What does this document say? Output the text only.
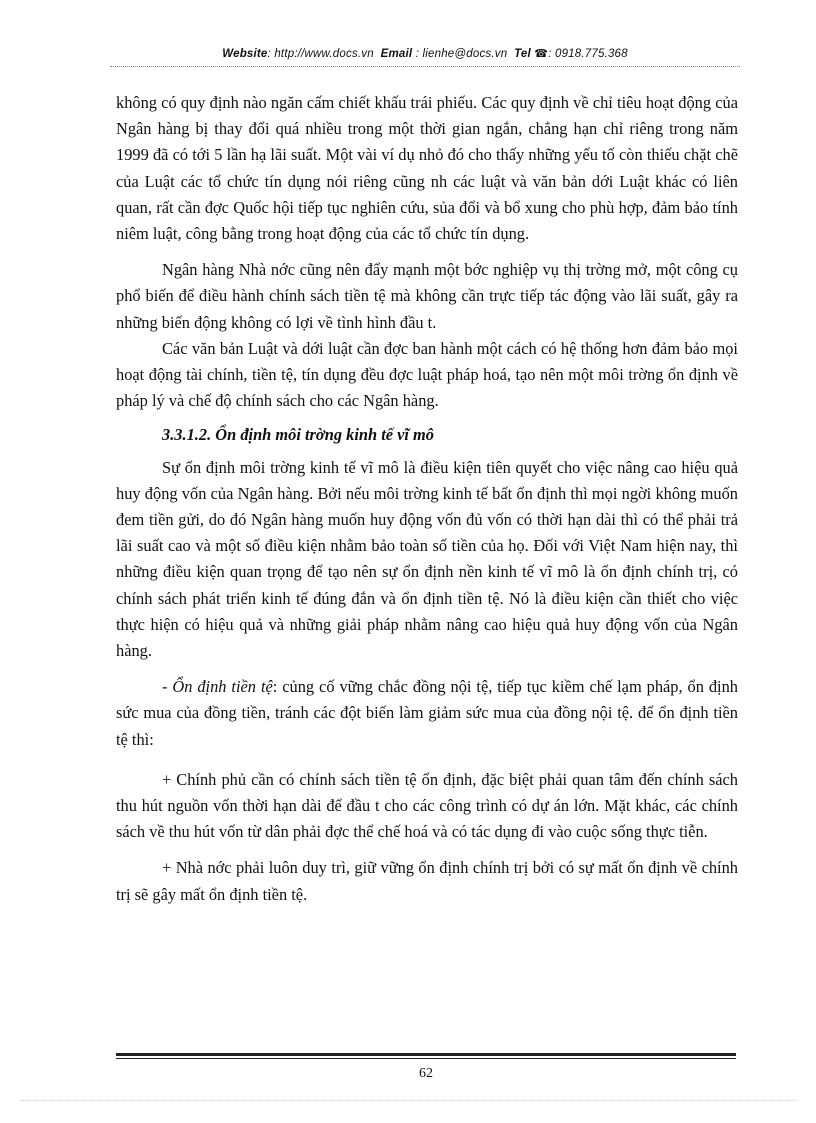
Website: http://www.docs.vn Email : lienhe@docs.vn Tel ☎: 0918.775.368

không có quy định nào ngăn cấm chiết khấu trái phiếu. Các quy định về chỉ tiêu hoạt động của Ngân hàng bị thay đổi quá nhiều trong một thời gian ngắn, chẳng hạn chỉ riêng trong năm 1999 đã có tới 5 lần hạ lãi suất. Một vài ví dụ nhỏ đó cho thấy những yếu tố còn thiếu chặt chẽ của Luật các tổ chức tín dụng nói riêng cũng nh các luật và văn bản dới Luật khác có liên quan, rất cần đợc Quốc hội tiếp tục nghiên cứu, sủa đổi và bổ xung cho phù hợp, đảm bảo tính niêm luật, công bằng trong hoạt động của các tổ chức tín dụng.

Ngân hàng Nhà nớc cũng nên đẩy mạnh một bớc nghiệp vụ thị trờng mở, một công cụ phổ biến để điều hành chính sách tiền tệ mà không cần trực tiếp tác động vào lãi suất, gây ra những biến động không có lợi về tình hình đầu t.

Các văn bản Luật và dới luật cần đợc ban hành một cách có hệ thống hơn đảm bảo mọi hoạt động tài chính, tiền tệ, tín dụng đều đợc luật pháp hoá, tạo nên một môi trờng ổn định về pháp lý và chế độ chính sách cho các Ngân hàng.

3.3.1.2. Ổn định môi trờng kinh tế vĩ mô

Sự ổn định môi trờng kinh tế vĩ mô là điều kiện tiên quyết cho việc nâng cao hiệu quả huy động vốn của Ngân hàng. Bởi nếu môi trờng kinh tế bất ổn định thì mọi ngời không muốn đem tiền gửi, do đó Ngân hàng muốn huy động vốn đủ vốn có thời hạn dài thì có thể phải trả lãi suất cao và một số điều kiện nhằm bảo toàn số tiền của họ. Đối với Việt Nam hiện nay, thì những điều kiện quan trọng để tạo nên sự ổn định nền kinh tế vĩ mô là ổn định chính trị, có chính sách phát triển kinh tế đúng đắn và ổn định tiền tệ. Nó là điều kiện cần thiết cho việc thực hiện có hiệu quả và những giải pháp nhằm nâng cao hiệu quả huy động vốn của Ngân hàng.

- Ổn định tiền tệ: củng cố vững chắc đồng nội tệ, tiếp tục kiềm chế lạm pháp, ổn định sức mua của đồng tiền, tránh các đột biến làm giảm sức mua của đồng nội tệ. để ổn định tiền tệ thì:

+ Chính phủ cần có chính sách tiền tệ ổn định, đặc biệt phải quan tâm đến chính sách thu hút nguồn vốn thời hạn dài để đầu t cho các công trình có dự án lớn. Mặt khác, các chính sách về thu hút vốn từ dân phải đợc thể chế hoá và có tác dụng đi vào cuộc sống thực tiễn.

+ Nhà nớc phải luôn duy trì, giữ vững ổn định chính trị bởi có sự mất ổn định về chính trị sẽ gây mất ổn định tiền tệ.

62
